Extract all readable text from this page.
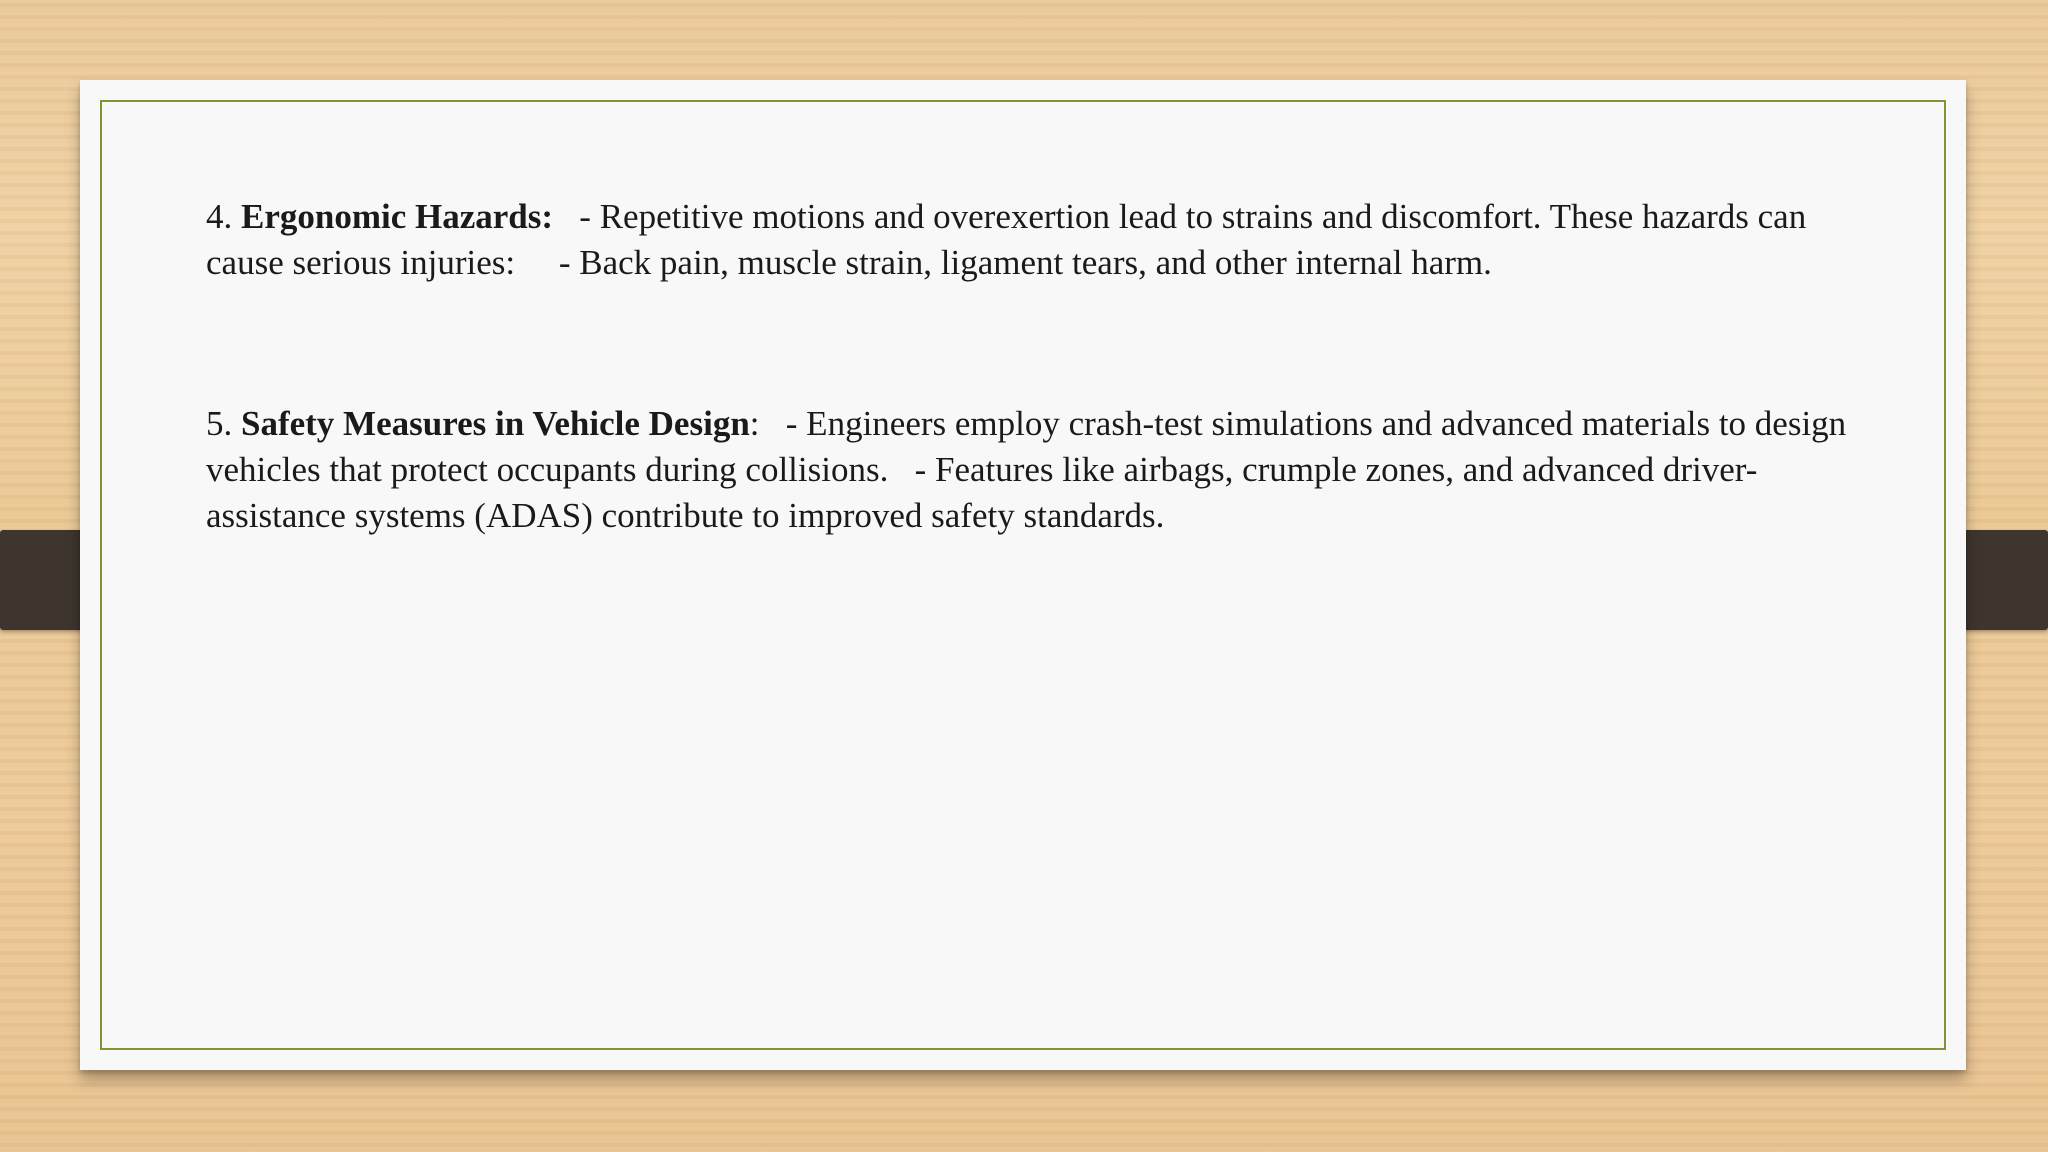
4. Ergonomic Hazards:   - Repetitive motions and overexertion lead to strains and discomfort. These hazards can cause serious injuries:     - Back pain, muscle strain, ligament tears, and other internal harm.

5. Safety Measures in Vehicle Design:   - Engineers employ crash-test simulations and advanced materials to design vehicles that protect occupants during collisions.   - Features like airbags, crumple zones, and advanced driver-assistance systems (ADAS) contribute to improved safety standards.
